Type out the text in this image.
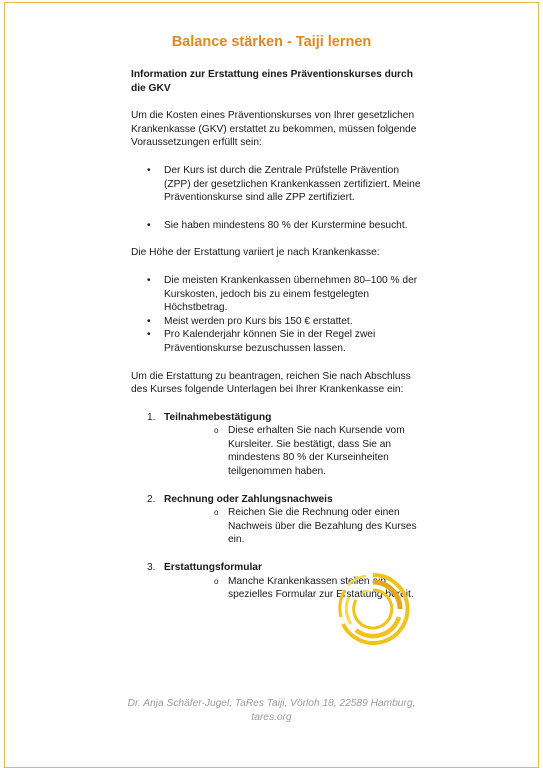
Balance stärken - Taiji lernen
Information zur Erstattung eines Präventionskurses durch die GKV

Um die Kosten eines Präventionskurses von Ihrer gesetzlichen Krankenkasse (GKV) erstattet zu bekommen, müssen folgende Voraussetzungen erfüllt sein:

• Der Kurs ist durch die Zentrale Prüfstelle Prävention (ZPP) der gesetzlichen Krankenkassen zertifiziert. Meine Präventionskurse sind alle ZPP zertifiziert.
• Sie haben mindestens 80 % der Kurstermine besucht.

Die Höhe der Erstattung variiert je nach Krankenkasse:

• Die meisten Krankenkassen übernehmen 80–100 % der Kurskosten, jedoch bis zu einem festgelegten Höchstbetrag.
• Meist werden pro Kurs bis 150 € erstattet.
• Pro Kalenderjahr können Sie in der Regel zwei Präventionskurse bezuschussen lassen.

Um die Erstattung zu beantragen, reichen Sie nach Abschluss des Kurses folgende Unterlagen bei Ihrer Krankenkasse ein:

1. Teilnahmebestätigung
o Diese erhalten Sie nach Kursende vom Kursleiter. Sie bestätigt, dass Sie an mindestens 80 % der Kurseinheiten teilgenommen haben.
2. Rechnung oder Zahlungsnachweis
o Reichen Sie die Rechnung oder einen Nachweis über die Bezahlung des Kurses ein.
3. Erstattungsformular
o Manche Krankenkassen stellen ein spezielles Formular zur Erstattung bereit.
Dr. Anja Schäfer-Jugel, TaRes Taiji, Vörloh 18, 22589 Hamburg,
tares.org
